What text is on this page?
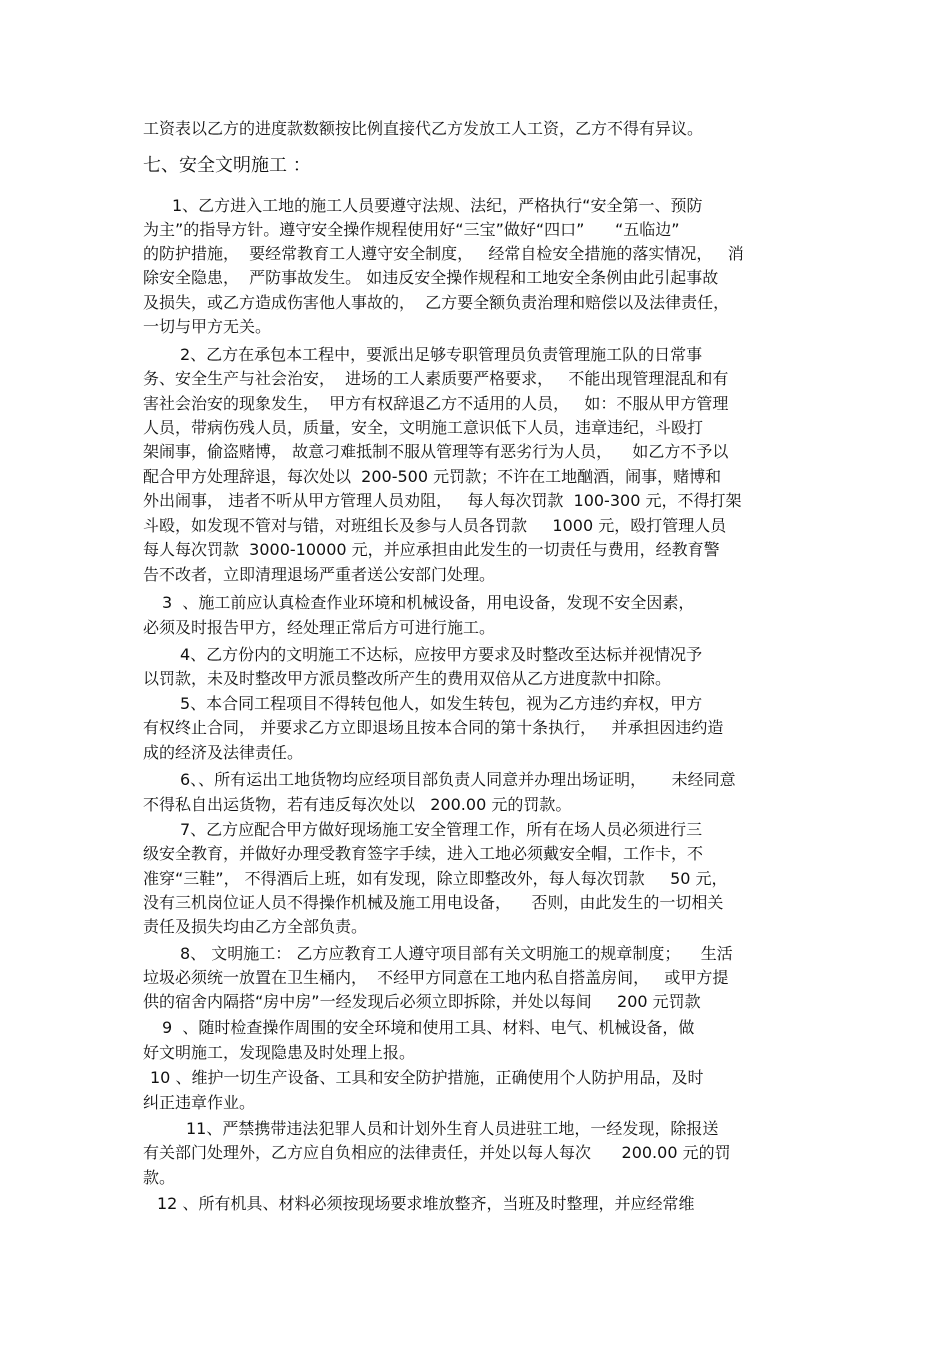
工资表以乙方的进度款数额按比例直接代乙方发放工人工资，乙方不得有异议。
七、安全文明施工 ：
1、乙方进入工地的施工人员要遵守法规、法纪，严格执行“安全第一、预防
为主”的指导方针。遵守安全操作规程使用好“三宝”做好“四口”      “五临边”
的防护措施，  要经常教育工人遵守安全制度，   经常自检安全措施的落实情况，   消
除安全隐患，  严防事故发生。 如违反安全操作规程和工地安全条例由此引起事故
及损失，或乙方造成伤害他人事故的，  乙方要全额负责治理和赔偿以及法律责任，
一切与甲方无关。
2、乙方在承包本工程中，要派出足够专职管理员负责管理施工队的日常事
务、安全生产与社会治安，  进场的工人素质要严格要求，   不能出现管理混乱和有
害社会治安的现象发生，  甲方有权辞退乙方不适用的人员，   如：不服从甲方管理
人员，带病伤残人员，质量，安全，文明施工意识低下人员，违章违纪，斗殴打
架闹事，偷盗赌博， 故意刁难抵制不服从管理等有恶劣行为人员，    如乙方不予以
配合甲方处理辞退，每次处以  200-500 元罚款；不许在工地酗酒，闹事，赌博和
外出闹事， 违者不听从甲方管理人员劝阻，   每人每次罚款  100-300 元，不得打架
斗殴，如发现不管对与错，对班组长及参与人员各罚款     1000 元，殴打管理人员
每人每次罚款  3000-10000 元，并应承担由此发生的一切责任与费用，经教育警
告不改者，立即清理退场严重者送公安部门处理。
3  、施工前应认真检查作业环境和机械设备，用电设备，发现不安全因素，
必须及时报告甲方，经处理正常后方可进行施工。
4、乙方份内的文明施工不达标，应按甲方要求及时整改至达标并视情况予
以罚款，未及时整改甲方派员整改所产生的费用双倍从乙方进度款中扣除。
5、本合同工程项目不得转包他人，如发生转包，视为乙方违约弃权，甲方
有权终止合同， 并要求乙方立即退场且按本合同的第十条执行，   并承担因违约造
成的经济及法律责任。
6、、所有运出工地货物均应经项目部负责人同意并办理出场证明，     未经同意
不得私自出运货物，若有违反每次处以   200.00 元的罚款。
7、乙方应配合甲方做好现场施工安全管理工作，所有在场人员必须进行三
级安全教育，并做好办理受教育签字手续，进入工地必须戴安全帽，工作卡，不
准穿“三鞋”， 不得酒后上班，如有发现，除立即整改外，每人每次罚款     50 元，
没有三机岗位证人员不得操作机械及施工用电设备，    否则，由此发生的一切相关
责任及损失均由乙方全部负责。
8、 文明施工： 乙方应教育工人遵守项目部有关文明施工的规章制度；    生活
垃圾必须统一放置在卫生桶内，  不经甲方同意在工地内私自搭盖房间，   或甲方提
供的宿舍内隔搭“房中房”一经发现后必须立即拆除，并处以每间     200 元罚款
9  、随时检查操作周围的安全环境和使用工具、材料、电气、机械设备，做
好文明施工，发现隐患及时处理上报。
10 、维护一切生产设备、工具和安全防护措施，正确使用个人防护用品，及时
纠正违章作业。
11、严禁携带违法犯罪人员和计划外生育人员进驻工地，一经发现，除报送
有关部门处理外，乙方应自负相应的法律责任，并处以每人每次      200.00 元的罚
款。
12 、所有机具、材料必须按现场要求堆放整齐，当班及时整理，并应经常维
